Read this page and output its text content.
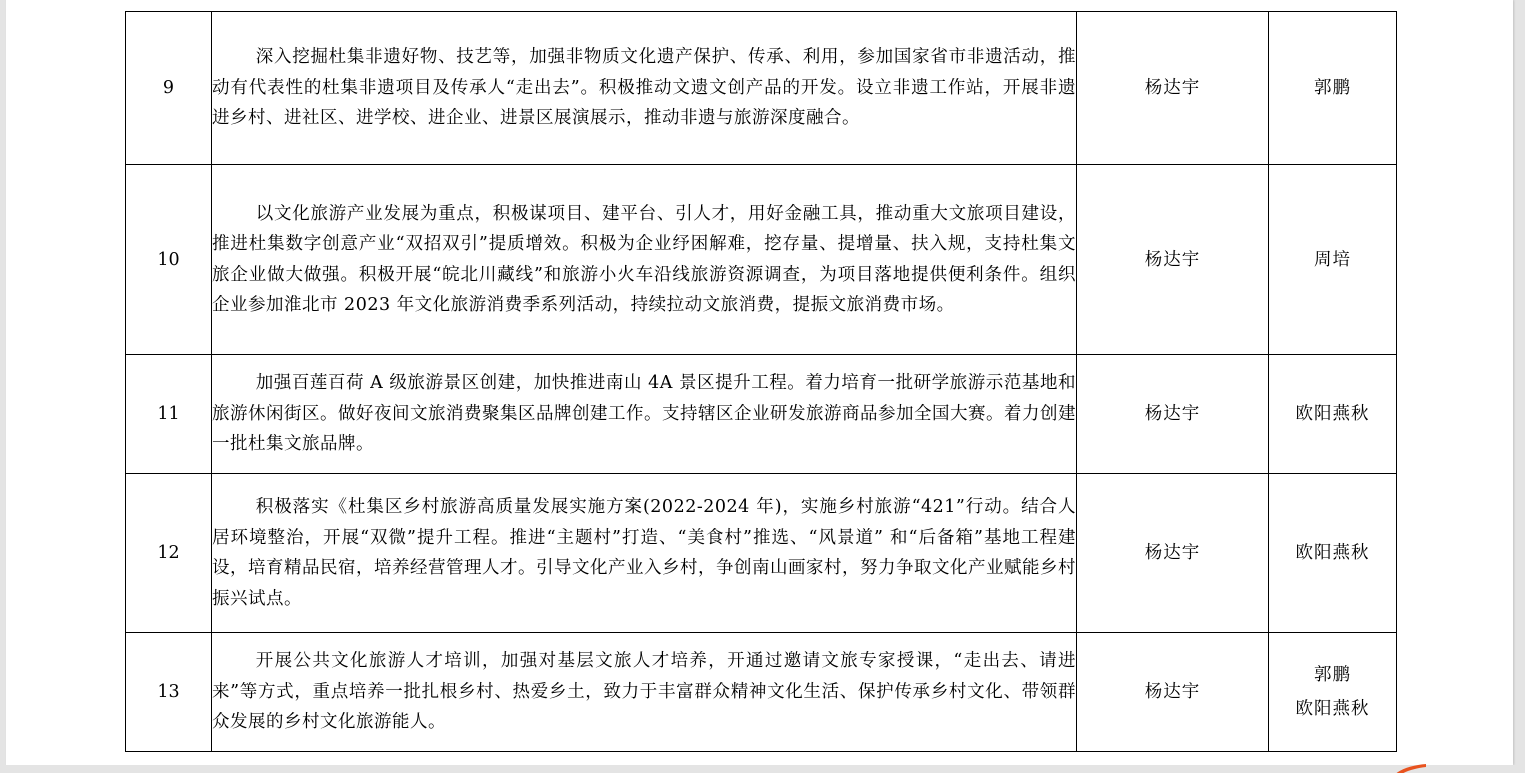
9	深入挖掘杜集非遗好物、技艺等，加强非物质文化遗产保护、传承、利用，参加国家省市非遗活动，推动有代表性的杜集非遗项目及传承人“走出去”。积极推动文遗文创产品的开发。设立非遗工作站，开展非遗进乡村、进社区、进学校、进企业、进景区展演展示，推动非遗与旅游深度融合。	杨达宇	郭鹏

10	以文化旅游产业发展为重点，积极谋项目、建平台、引人才，用好金融工具，推动重大文旅项目建设，推进杜集数字创意产业“双招双引”提质增效。积极为企业纾困解难，挖存量、提增量、扶入规，支持杜集文旅企业做大做强。积极开展“皖北川藏线”和旅游小火车沿线旅游资源调查，为项目落地提供便利条件。组织企业参加淮北市 2023 年文化旅游消费季系列活动，持续拉动文旅消费，提振文旅消费市场。	杨达宇	周培

11	加强百莲百荷 A 级旅游景区创建，加快推进南山 4A 景区提升工程。着力培育一批研学旅游示范基地和旅游休闲街区。做好夜间文旅消费聚集区品牌创建工作。支持辖区企业研发旅游商品参加全国大赛。着力创建一批杜集文旅品牌。	杨达宇	欧阳燕秋

12	积极落实《杜集区乡村旅游高质量发展实施方案(2022-2024 年)，实施乡村旅游“421”行动。结合人居环境整治，开展“双微”提升工程。推进“主题村”打造、“美食村”推选、“风景道” 和“后备箱”基地工程建设，培育精品民宿，培养经营管理人才。引导文化产业入乡村，争创南山画家村，努力争取文化产业赋能乡村振兴试点。	杨达宇	欧阳燕秋

13	开展公共文化旅游人才培训，加强对基层文旅人才培养，开通过邀请文旅专家授课，“走出去、请进来”等方式，重点培养一批扎根乡村、热爱乡土，致力于丰富群众精神文化生活、保护传承乡村文化、带领群众发展的乡村文化旅游能人。	杨达宇	郭鹏
欧阳燕秋
